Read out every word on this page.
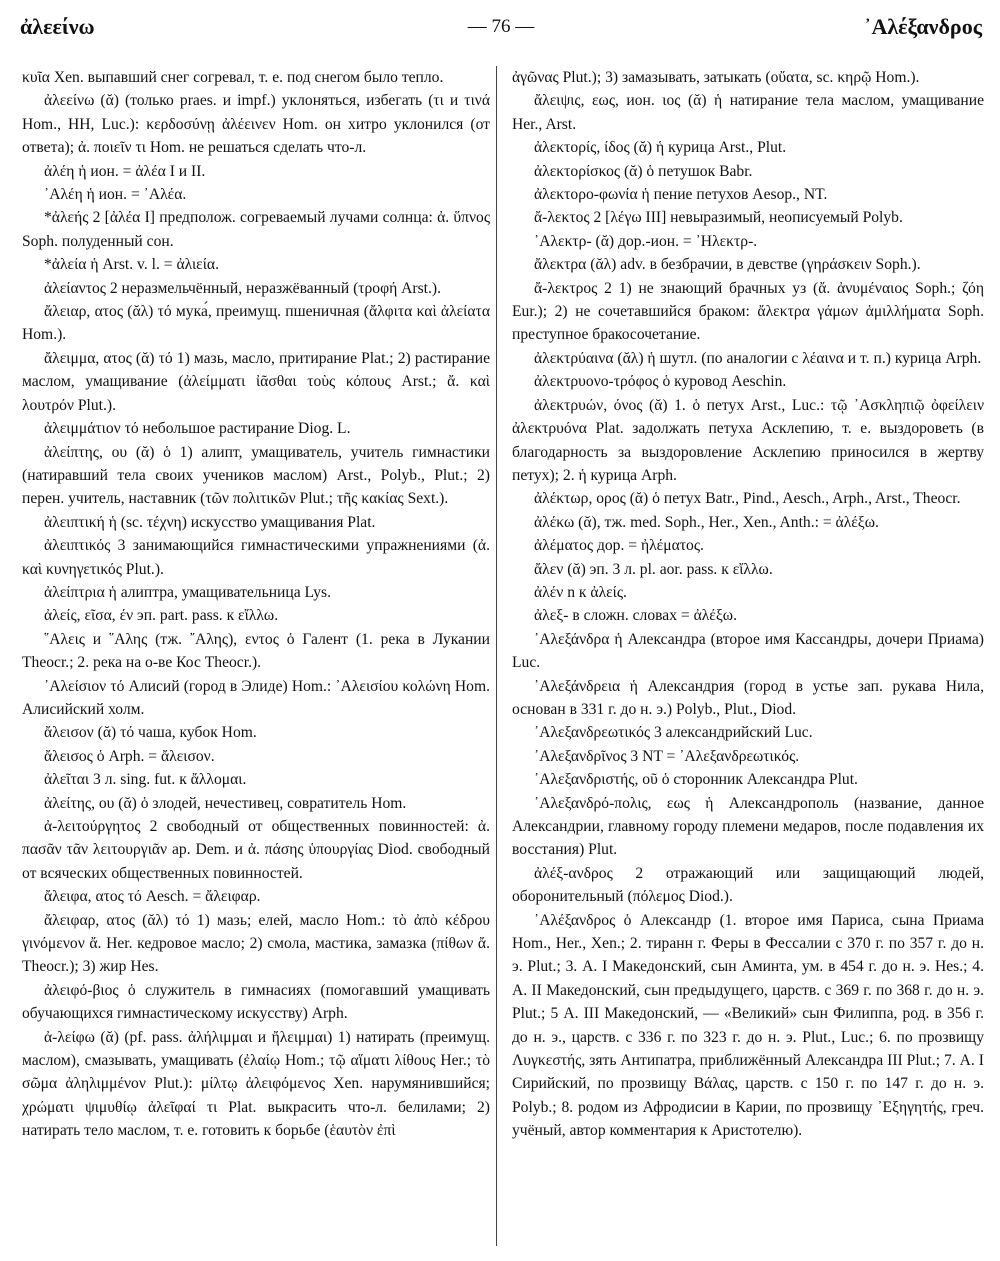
ἀλεείνω	— 76 —	᾿Αλέξανδρος

κυῖα Xen. выпавший снег согревал, т. е. под снегом было тепло.

ἀλεείνω (ᾰ) (только praes. и impf.) уклоняться, избегать (τι и τινά Hom., HH, Luc.): κερδοσύνῃ ἀλέεινεν Hom. он хитро уклонился (от ответа); ἀ. ποιεῖν τι Hom. не решаться сделать что-л.

ἀλέη ἡ ион. = ἀλέα I и II.

᾿Αλέη ἡ ион. = ᾿Αλέα.

*ἀλεής 2 [ἀλέα I] предполож. согреваемый лучами солнца: ἀ. ὕπνος Soph. полуденный сон.

*ἀλεία ἡ Arst. v. l. = ἀλιεία.

ἀλείαντος 2 неразмельчённый, неразжёванный (τροφή Arst.).

ἄλειαρ, ατος (ᾰλ) τό мука́, преимущ. пшеничная (ἄλφιτα καὶ ἀλείατα Hom.).

ἄλειμμα, ατος (ᾰ) τό 1) мазь, масло, притирание Plat.; 2) растирание маслом, умащивание (ἀλείμματι ἰᾶσθαι τοὺς κόπους Arst.; ἄ. καὶ λουτρόν Plut.).

ἀλειμμάτιον τό небольшое растирание Diog. L.

ἀλείπτης, ου (ᾰ) ὁ 1) алипт, умащиватель, учитель гимнастики (натиравший тела своих учеников маслом) Arst., Polyb., Plut.; 2) перен. учитель, наставник (τῶν πολιτικῶν Plut.; τῆς κακίας Sext.).

ἀλειπτική ἡ (sc. τέχνη) искусство умащивания Plat.

ἀλειπτικός 3 занимающийся гимнастическими упражнениями (ἀ. καὶ κυνηγετικός Plut.).

ἀλείπτρια ἡ алиптра, умащивательница Lys.

ἀλείς, εῖσα, έν эп. part. pass. к εἴλλω.

῞Αλεις и ῞Αλης (тж. ῎Αλης), εντος ὁ Галент (1. река в Лукании Theocr.; 2. река на о-ве Кос Theocr.).

᾿Αλείσιον τό Алисий (город в Элиде) Hom.: ᾿Αλεισίου κολώνη Hom. Алисийский холм.

ἄλεισον (ᾰ) τό чаша, кубок Hom.

ἄλεισος ὁ Arph. = ἄλεισον.

ἀλεῖται 3 л. sing. fut. к ἄλλομαι.

ἀλείτης, ου (ᾰ) ὁ злодей, нечестивец, совратитель Hom.

ἀ-λειτούργητος 2 свободный от общественных повинностей: ἀ. πασᾶν τᾶν λειτουργιᾶν ap. Dem. и ἀ. πάσης ὑπουργίας Diod. свободный от всяческих общественных повинностей.

ἄλειφα, ατος τό Aesch. = ἄλειφαρ.

ἄλειφαρ, ατος (ᾰλ) τό 1) мазь; елей, масло Hom.: τὸ ἀπὸ κέδρου γινόμενον ἄ. Her. кедровое масло; 2) смола, мастика, замазка (πίθων ἄ. Theocr.); 3) жир Hes.

ἀλειφό-βιος ὁ служитель в гимнасиях (помогавший умащивать обучающихся гимнастическому искусству) Arph.

ἀ-λείφω (ᾰ) (pf. pass. ἀλήλιμμαι и ἤλειμμαι) 1) натирать (преимущ. маслом), смазывать, умащивать (ἐλαίῳ Hom.; τῷ αἵματι λίθους Her.; τὸ σῶμα ἀληλιμμένον Plut.): μίλτῳ ἀλειφόμενος Xen. нарумянившийся; χρώματι ψιμυθίῳ ἀλεῖφαί τι Plat. выкрасить что-л. белилами; 2) натирать тело маслом, т. е. готовить к борьбе (ἑαυτὸν ἐπὶ

ἀγῶνας Plut.); 3) замазывать, затыкать (οὔατα, sc. κηρῷ Hom.).

ἄλειψις, εως, ион. ιος (ᾰ) ἡ натирание тела маслом, умащивание Her., Arst.

ἀλεκτορίς, ίδος (ᾰ) ἡ курица Arst., Plut.

ἀλεκτορίσκος (ᾰ) ὁ петушок Babr.

ἀλεκτορο-φωνία ἡ пение петухов Aesop., NT.

ἄ-λεκτος 2 [λέγω III] невыразимый, неописуемый Polyb.

᾿Αλεκτρ- (ᾰ) дор.-ион. = ᾿Ηλεκτρ-.

ἄλεκτρα (ᾰλ) adv. в безбрачии, в девстве (γηράσκειν Soph.).

ἄ-λεκτρος 2 1) не знающий брачных уз (ἄ. ἀνυμέναιος Soph.; ζόη Eur.); 2) не сочетавшийся браком: ἄλεκτρα γάμων ἁμιλλήματα Soph. преступное бракосочетание.

ἀλεκτρύαινα (ᾰλ) ἡ шутл. (по аналогии с λέαινα и т. п.) курица Arph.

ἀλεκτρυονο-τρόφος ὁ куровод Aeschin.

ἀλεκτρυών, όνος (ᾰ) 1. ὁ петух Arst., Luc.: τῷ ᾿Ασκληπιῷ ὀφείλειν ἀλεκτρυόνα Plat. задолжать петуха Асклепию, т. е. выздороветь (в благодарность за выздоровление Асклепию приносился в жертву петух); 2. ἡ курица Arph.

ἀλέκτωρ, ορος (ᾰ) ὁ петух Batr., Pind., Aesch., Arph., Arst., Theocr.

ἀλέκω (ᾰ), тж. med. Soph., Her., Xen., Anth.: = ἀλέξω.

ἀλέματος дор. = ἠλέματος.

ἄλεν (ᾰ) эп. 3 л. pl. aor. pass. к εἴλλω.

ἀλέν n к ἀλείς.

ἀλεξ- в сложн. словах = ἀλέξω.

᾿Αλεξάνδρα ἡ Александра (второе имя Кассандры, дочери Приама) Luc.

᾿Αλεξάνδρεια ἡ Александрия (город в устье зап. рукава Нила, основан в 331 г. до н. э.) Polyb., Plut., Diod.

᾿Αλεξανδρεωτικός 3 александрийский Luc.

᾿Αλεξανδρῖνος 3 NT = ᾿Αλεξανδρεωτικός.

᾿Αλεξανδριστής, οῦ ὁ сторонник Александра Plut.

᾿Αλεξανδρό-πολις, εως ἡ Александрополь (название, данное Александрии, главному городу племени медаров, после подавления их восстания) Plut.

ἀλέξ-ανδρος 2 отражающий или защищающий людей, оборонительный (πόλεμος Diod.).

᾿Αλέξανδρος ὁ Александр (1. второе имя Париса, сына Приама Hom., Her., Xen.; 2. тиранн г. Феры в Фессалии с 370 г. по 357 г. до н. э. Plut.; 3. А. I Македонский, сын Аминта, ум. в 454 г. до н. э. Hes.; 4. А. II Македонский, сын предыдущего, царств. с 369 г. по 368 г. до н. э. Plut.; 5 А. III Македонский, — «Великий» сын Филиппа, род. в 356 г. до н. э., царств. с 336 г. по 323 г. до н. э. Plut., Luc.; 6. по прозвищу Λυγκεστής, зять Антипатра, приближённый Александра III Plut.; 7. А. I Сирийский, по прозвищу Βάλας, царств. с 150 г. по 147 г. до н. э. Polyb.; 8. родом из Афродисии в Карии, по прозвищу ᾿Εξηγητής, греч. учёный, автор комментария к Аристотелю).
